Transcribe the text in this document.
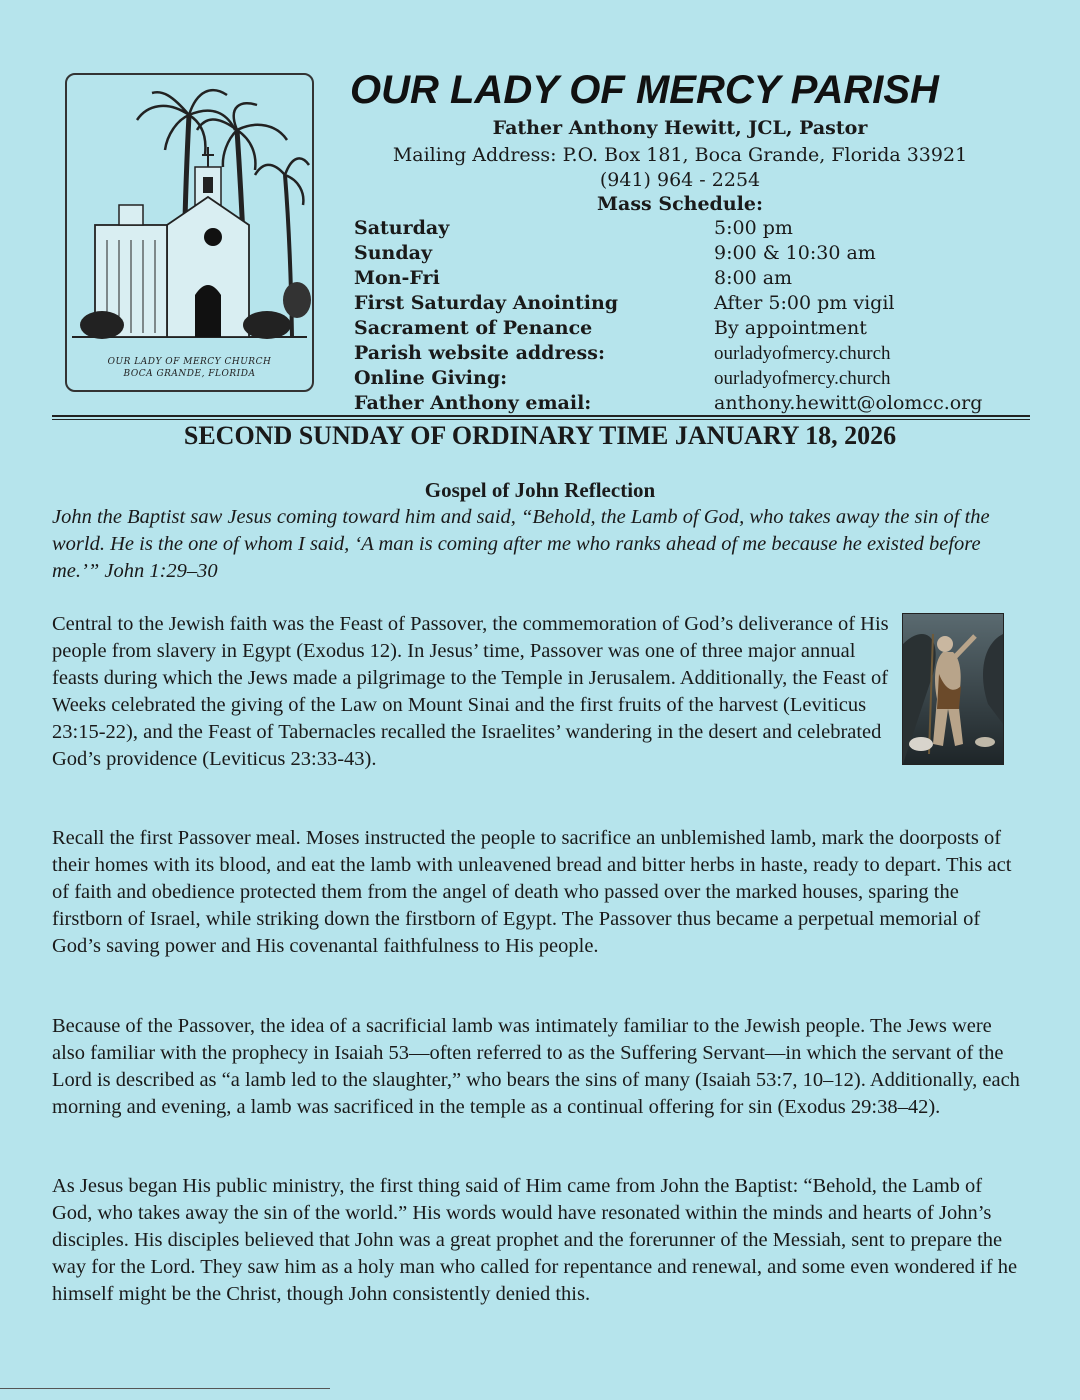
OUR LADY OF MERCY CHURCH
BOCA GRANDE, FLORIDA
OUR LADY OF MERCY PARISH
Father Anthony Hewitt, JCL, Pastor
Mailing Address: P.O. Box 181, Boca Grande, Florida 33921
(941) 964 - 2254
Mass Schedule:
Saturday	5:00 pm
Sunday	9:00 & 10:30 am
Mon-Fri	8:00 am
First Saturday Anointing	After 5:00 pm vigil
Sacrament of Penance	By appointment
Parish website address:	ourladyofmercy.church
Online Giving:	ourladyofmercy.church
Father Anthony email:	anthony.hewitt@olomcc.org
SECOND SUNDAY OF ORDINARY TIME JANUARY 18, 2026
Gospel of John Reflection

John the Baptist saw Jesus coming toward him and said, “Behold, the Lamb of God, who takes away the sin of the world. He is the one of whom I said, ‘A man is coming after me who ranks ahead of me because he existed before me.’” John 1:29–30

Central to the Jewish faith was the Feast of Passover, the commemoration of God’s deliverance of His people from slavery in Egypt (Exodus 12). In Jesus’ time, Passover was one of three major annual feasts during which the Jews made a pilgrimage to the Temple in Jerusalem. Additionally, the Feast of Weeks celebrated the giving of the Law on Mount Sinai and the first fruits of the harvest (Leviticus 23:15-22), and the Feast of Tabernacles recalled the Israelites’ wandering in the desert and celebrated God’s providence (Leviticus 23:33-43).

Recall the first Passover meal. Moses instructed the people to sacrifice an unblemished lamb, mark the doorposts of their homes with its blood, and eat the lamb with unleavened bread and bitter herbs in haste, ready to depart. This act of faith and obedience protected them from the angel of death who passed over the marked houses, sparing the firstborn of Israel, while striking down the firstborn of Egypt. The Passover thus became a perpetual memorial of God’s saving power and His covenantal faithfulness to His people.

Because of the Passover, the idea of a sacrificial lamb was intimately familiar to the Jewish people. The Jews were also familiar with the prophecy in Isaiah 53—often referred to as the Suffering Servant—in which the servant of the Lord is described as “a lamb led to the slaughter,” who bears the sins of many (Isaiah 53:7, 10–12). Additionally, each morning and evening, a lamb was sacrificed in the temple as a continual offering for sin (Exodus 29:38–42).

As Jesus began His public ministry, the first thing said of Him came from John the Baptist: “Behold, the Lamb of God, who takes away the sin of the world.” His words would have resonated within the minds and hearts of John’s disciples. His disciples believed that John was a great prophet and the forerunner of the Messiah, sent to prepare the way for the Lord. They saw him as a holy man who called for repentance and renewal, and some even wondered if he himself might be the Christ, though John consistently denied this.
